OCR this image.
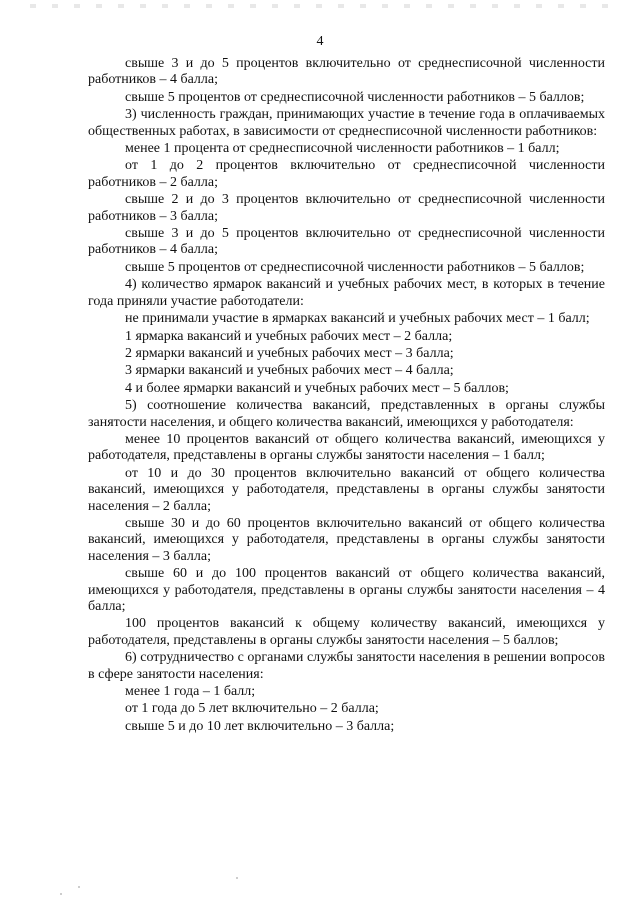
4

свыше 3 и до 5 процентов включительно от среднесписочной численности работников – 4 балла;

свыше 5 процентов от среднесписочной численности работников – 5 баллов;

3) численность граждан, принимающих участие в течение года в оплачиваемых общественных работах, в зависимости от среднесписочной численности работников:

менее 1 процента от среднесписочной численности работников – 1 балл;

от 1 до 2 процентов включительно от среднесписочной численности работников – 2 балла;

свыше 2 и до 3 процентов включительно от среднесписочной численности работников – 3 балла;

свыше 3 и до 5 процентов включительно от среднесписочной численности работников – 4 балла;

свыше 5 процентов от среднесписочной численности работников – 5 баллов;

4) количество ярмарок вакансий и учебных рабочих мест, в которых в течение года приняли участие работодатели:

не принимали участие в ярмарках вакансий и учебных рабочих мест – 1 балл;

1 ярмарка вакансий и учебных рабочих мест – 2 балла;

2 ярмарки вакансий и учебных рабочих мест – 3 балла;

3 ярмарки вакансий и учебных рабочих мест – 4 балла;

4 и более ярмарки вакансий и учебных рабочих мест – 5 баллов;

5) соотношение количества вакансий, представленных в органы службы занятости населения, и общего количества вакансий, имеющихся у работодателя:

менее 10 процентов вакансий от общего количества вакансий, имеющихся у работодателя, представлены в органы службы занятости населения – 1 балл;

от 10 и до 30 процентов включительно вакансий от общего количества вакансий, имеющихся у работодателя, представлены в органы службы занятости населения – 2 балла;

свыше 30 и до 60 процентов включительно вакансий от общего количества вакансий, имеющихся у работодателя, представлены в органы службы занятости населения – 3 балла;

свыше 60 и до 100 процентов вакансий от общего количества вакансий, имеющихся у работодателя, представлены в органы службы занятости населения – 4 балла;

100 процентов вакансий к общему количеству вакансий, имеющихся у работодателя, представлены в органы службы занятости населения – 5 баллов;

6) сотрудничество с органами службы занятости населения в решении вопросов в сфере занятости населения:

менее 1 года – 1 балл;

от 1 года до 5 лет включительно – 2 балла;

свыше 5 и до 10 лет включительно – 3 балла;
